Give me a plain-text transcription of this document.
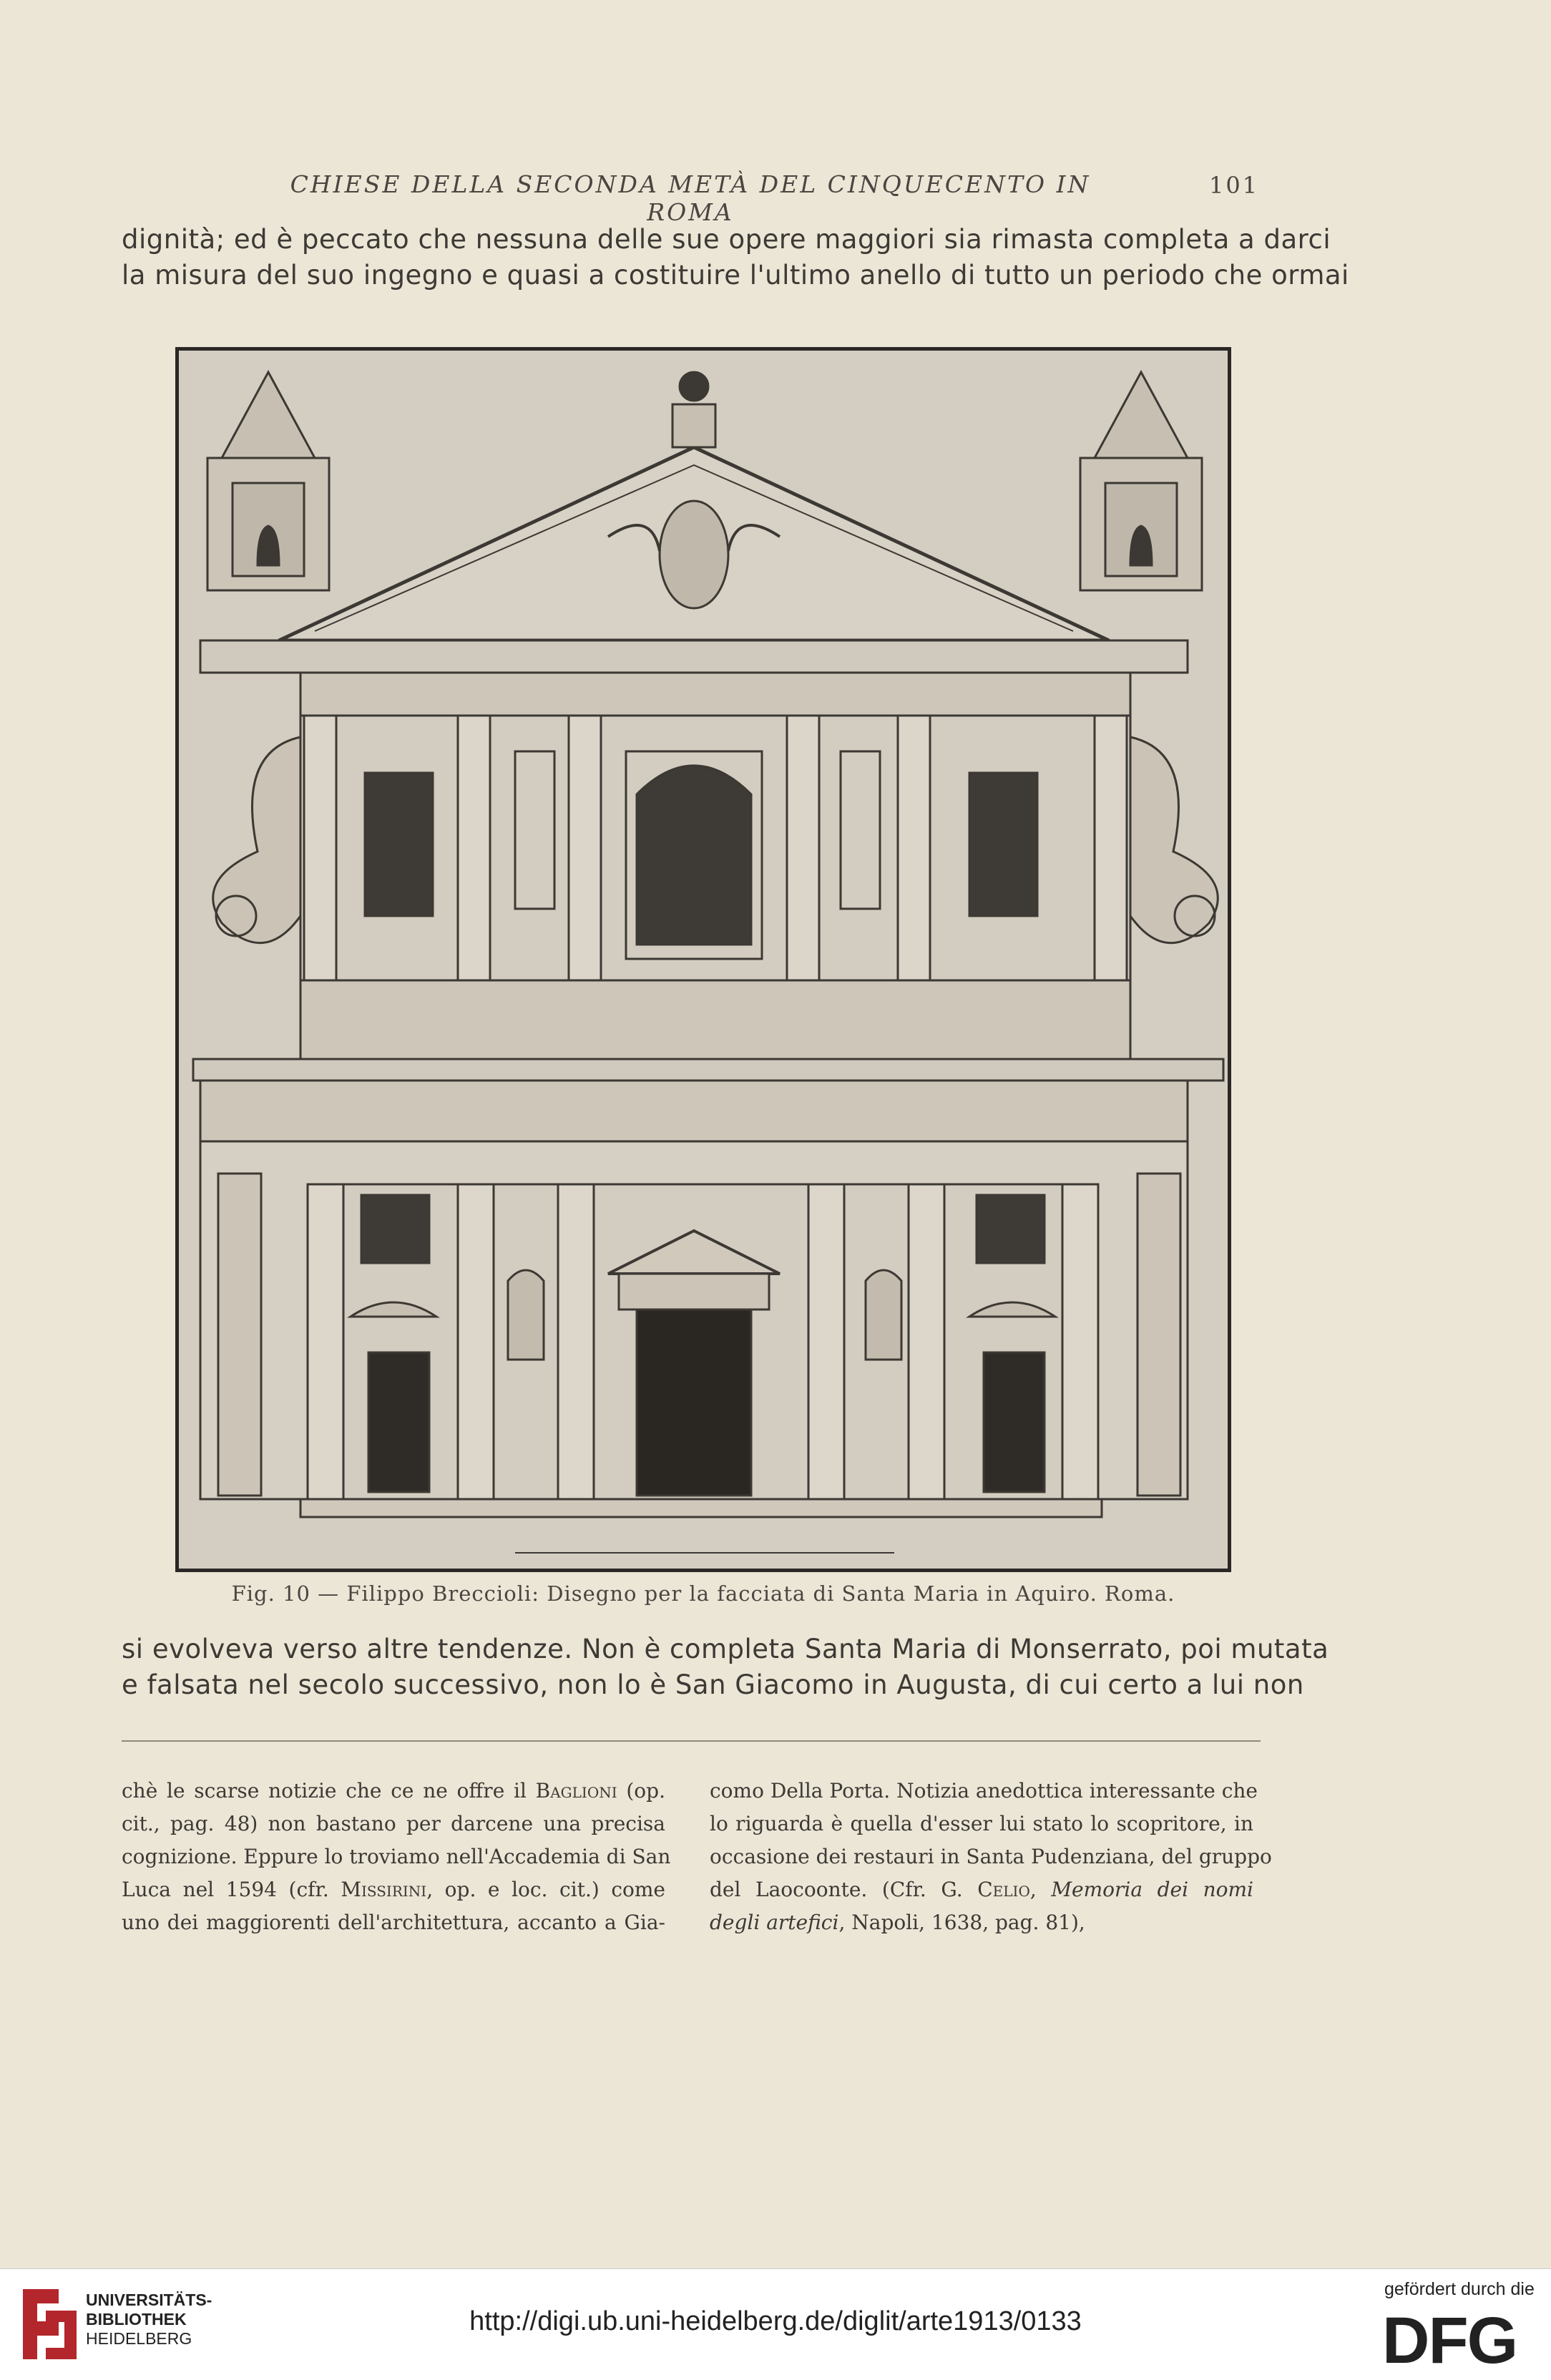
CHIESE DELLA SECONDA METÀ DEL CINQUECENTO IN ROMA
101
dignità; ed è peccato che nessuna delle sue opere maggiori sia rimasta completa a darci
la misura del suo ingegno e quasi a costituire l'ultimo anello di tutto un periodo che ormai
Fig. 10 — Filippo Breccioli: Disegno per la facciata di Santa Maria in Aquiro. Roma.
si evolveva verso altre tendenze. Non è completa Santa Maria di Monserrato, poi mutata
e falsata nel secolo successivo, non lo è San Giacomo in Augusta, di cui certo a lui non
chè le scarse notizie che ce ne offre il Baglioni (op.
cit., pag. 48) non bastano per darcene una precisa
cognizione. Eppure lo troviamo nell'Accademia di San
Luca nel 1594 (cfr. Missirini, op. e loc. cit.) come
uno dei maggiorenti dell'architettura, accanto a Gia-
como Della Porta. Notizia anedottica interessante che
lo riguarda è quella d'esser lui stato lo scopritore, in
occasione dei restauri in Santa Pudenziana, del gruppo
del Laocoonte. (Cfr. G. Celio, Memoria dei nomi
degli artefici, Napoli, 1638, pag. 81),
UNIVERSITÄTS-
BIBLIOTHEK
HEIDELBERG
http://digi.ub.uni-heidelberg.de/diglit/arte1913/0133
gefördert durch die
DFG
